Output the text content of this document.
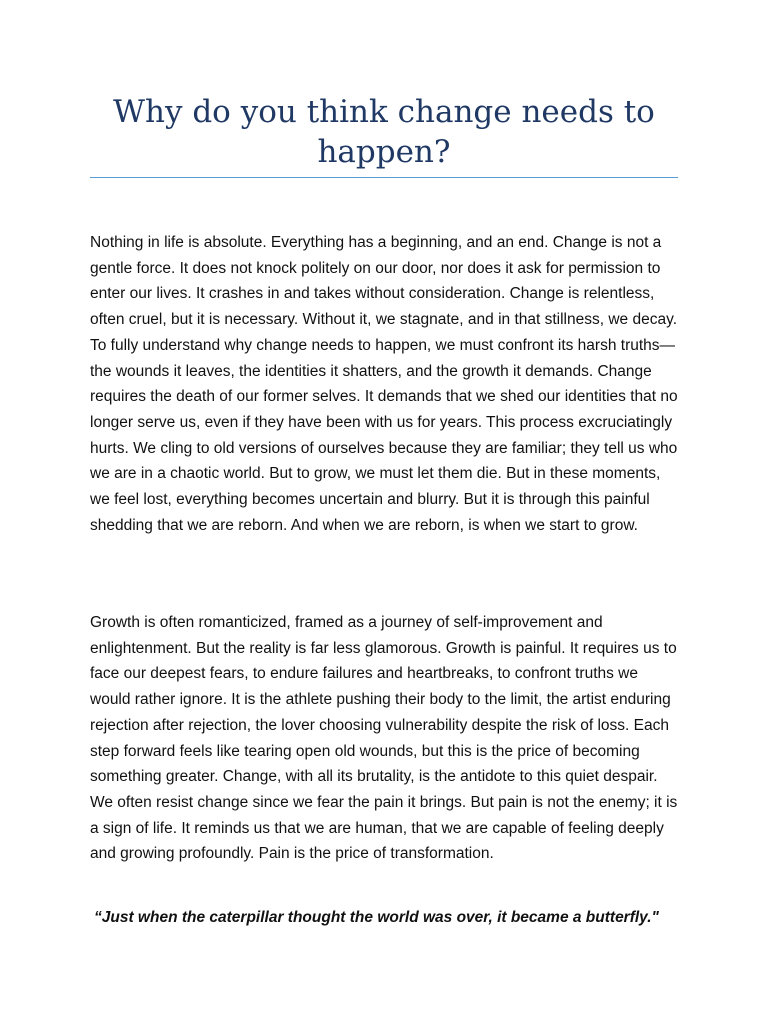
Why do you think change needs to happen?

Nothing in life is absolute. Everything has a beginning, and an end. Change is not a gentle force. It does not knock politely on our door, nor does it ask for permission to enter our lives. It crashes in and takes without consideration. Change is relentless, often cruel, but it is necessary. Without it, we stagnate, and in that stillness, we decay. To fully understand why change needs to happen, we must confront its harsh truths—the wounds it leaves, the identities it shatters, and the growth it demands. Change requires the death of our former selves. It demands that we shed our identities that no longer serve us, even if they have been with us for years. This process excruciatingly hurts. We cling to old versions of ourselves because they are familiar; they tell us who we are in a chaotic world. But to grow, we must let them die. But in these moments, we feel lost, everything becomes uncertain and blurry. But it is through this painful shedding that we are reborn. And when we are reborn, is when we start to grow.

Growth is often romanticized, framed as a journey of self-improvement and enlightenment. But the reality is far less glamorous. Growth is painful. It requires us to face our deepest fears, to endure failures and heartbreaks, to confront truths we would rather ignore. It is the athlete pushing their body to the limit, the artist enduring rejection after rejection, the lover choosing vulnerability despite the risk of loss. Each step forward feels like tearing open old wounds, but this is the price of becoming something greater. Change, with all its brutality, is the antidote to this quiet despair. We often resist change since we fear the pain it brings. But pain is not the enemy; it is a sign of life. It reminds us that we are human, that we are capable of feeling deeply and growing profoundly. Pain is the price of transformation.

“Just when the caterpillar thought the world was over, it became a butterfly."
